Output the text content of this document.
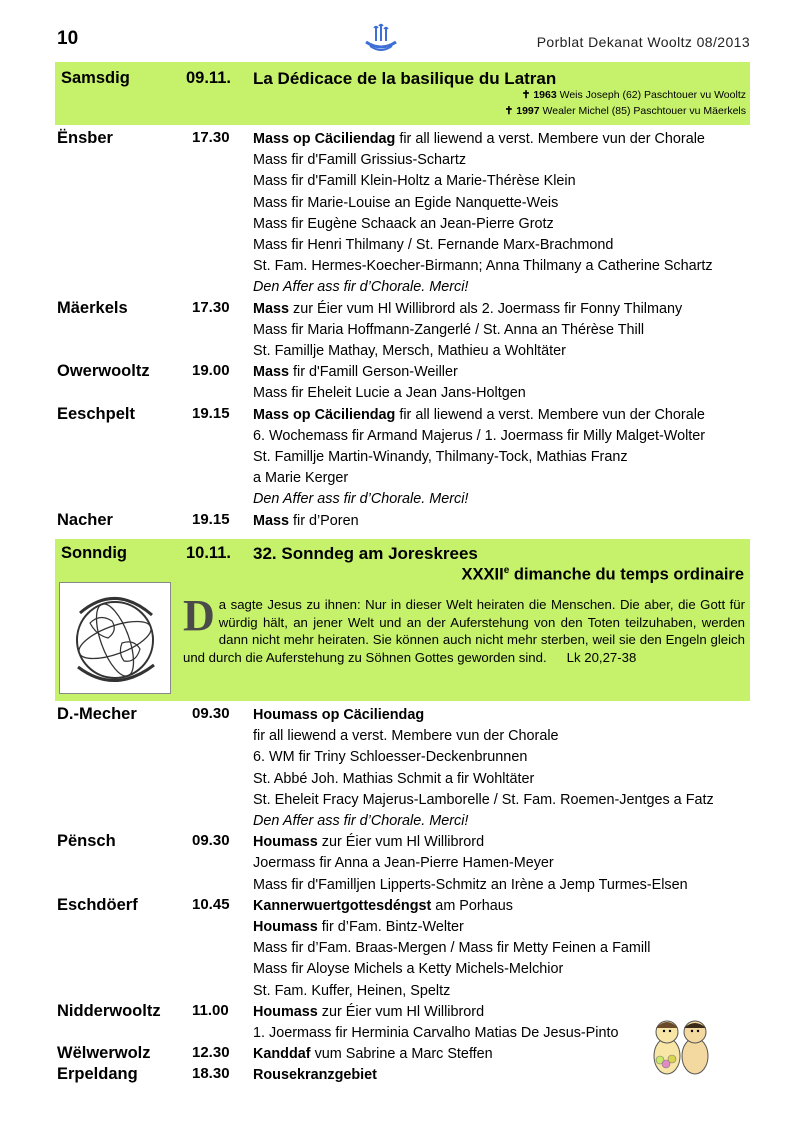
10	Porblat Dekanat Wooltz 08/2013
Samsdig	09.11. La Dédicace de la basilique du Latran
✝ 1963 Weis Joseph (62) Paschtouer vu Wooltz
✝ 1997 Wealer Michel (85) Paschtouer vu Mäerkels
Ënsber	17.30 Mass op Cäciliendag fir all liewend a verst. Membere vun der Chorale
Mass fir d'Famill Grissius-Schartz
Mass fir d'Famill Klein-Holtz a Marie-Thérèse Klein
Mass fir Marie-Louise an Egide Nanquette-Weis
Mass fir Eugène Schaack an Jean-Pierre Grotz
Mass fir Henri Thilmany / St. Fernande Marx-Brachmond
St. Fam. Hermes-Koecher-Birmann; Anna Thilmany a Catherine Schartz
Den Affer ass fir d’Chorale. Merci!
Mäerkels	17.30 Mass zur Éier vum Hl Willibrord als 2. Joermass fir Fonny Thilmany
Mass fir Maria Hoffmann-Zangerlé / St. Anna an Thérèse Thill
St. Famillje Mathay, Mersch, Mathieu a Wohltäter
Owerwooltz	19.00 Mass fir d'Famill Gerson-Weiller
Mass fir Eheleit Lucie a Jean Jans-Holtgen
Eeschpelt	19.15 Mass op Cäciliendag fir all liewend a verst. Membere vun der Chorale
6. Wochemass fir Armand Majerus / 1. Joermass fir Milly Malget-Wolter
St. Famillje Martin-Winandy, Thilmany-Tock, Mathias Franz
a Marie Kerger
Den Affer ass fir d’Chorale. Merci!
Nacher	19.15 Mass fir d’Poren
Sonndig	10.11. 32. Sonndeg am Joreskrees
XXXIIe dimanche du temps ordinaire
Da sagte Jesus zu ihnen: Nur in dieser Welt heiraten die Menschen. Die aber, die Gott für würdig hält, an jener Welt und an der Auferstehung von den Toten teilzuhaben, werden dann nicht mehr heiraten. Sie können auch nicht mehr sterben, weil sie den Engeln gleich und durch die Auferstehung zu Söhnen Gottes geworden sind. Lk 20,27-38
D.-Mecher	09.30 Houmass op Cäciliendag
fir all liewend a verst. Membere vun der Chorale
6. WM fir Triny Schloesser-Deckenbrunnen
St. Abbé Joh. Mathias Schmit a fir Wohltäter
St. Eheleit Fracy Majerus-Lamborelle / St. Fam. Roemen-Jentges a Fatz
Den Affer ass fir d’Chorale. Merci!
Pënsch	09.30 Houmass zur Éier vum Hl Willibrord
Joermass fir Anna a Jean-Pierre Hamen-Meyer
Mass fir d'Familljen Lipperts-Schmitz an Irène a Jemp Turmes-Elsen
Eschdöerf	10.45 Kannerwuertgottesdéngst am Porhaus
Houmass fir d’Fam. Bintz-Welter
Mass fir d’Fam. Braas-Mergen / Mass fir Metty Feinen a Famill
Mass fir Aloyse Michels a Ketty Michels-Melchior
St. Fam. Kuffer, Heinen, Speltz
Nidderwooltz 11.00 Houmass zur Éier vum Hl Willibrord
1. Joermass fir Herminia Carvalho Matias De Jesus-Pinto
Wëlwerwolz	12.30 Kanddaf vum Sabrine a Marc Steffen
Erpeldang	18.30 Rousekranzgebiet
